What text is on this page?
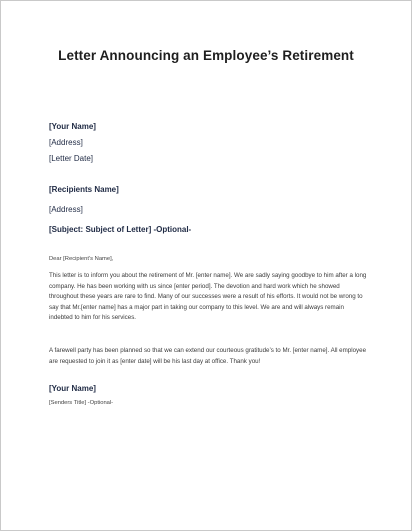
Letter Announcing an Employee’s Retirement
[Your Name]
[Address]
[Letter Date]
[Recipients Name]
[Address]
[Subject: Subject of Letter] -Optional-
Dear [Recipient’s Name],

This letter is to inform you about the retirement of Mr. [enter name]. We are sadly saying goodbye to him after a long company. He has been working with us since [enter period]. The devotion and hard work which he showed throughout these years are rare to find. Many of our successes were a result of his efforts. It would not be wrong to say that Mr.[enter name] has a major part in taking our company to this level. We are and will always remain indebted to him for his services.

A farewell party has been planned so that we can extend our courteous gratitude’s to Mr. [enter name]. All employee are requested to join it as [enter date] will be his last day at office. Thank you!

[Your Name]
[Senders Title] -Optional-
